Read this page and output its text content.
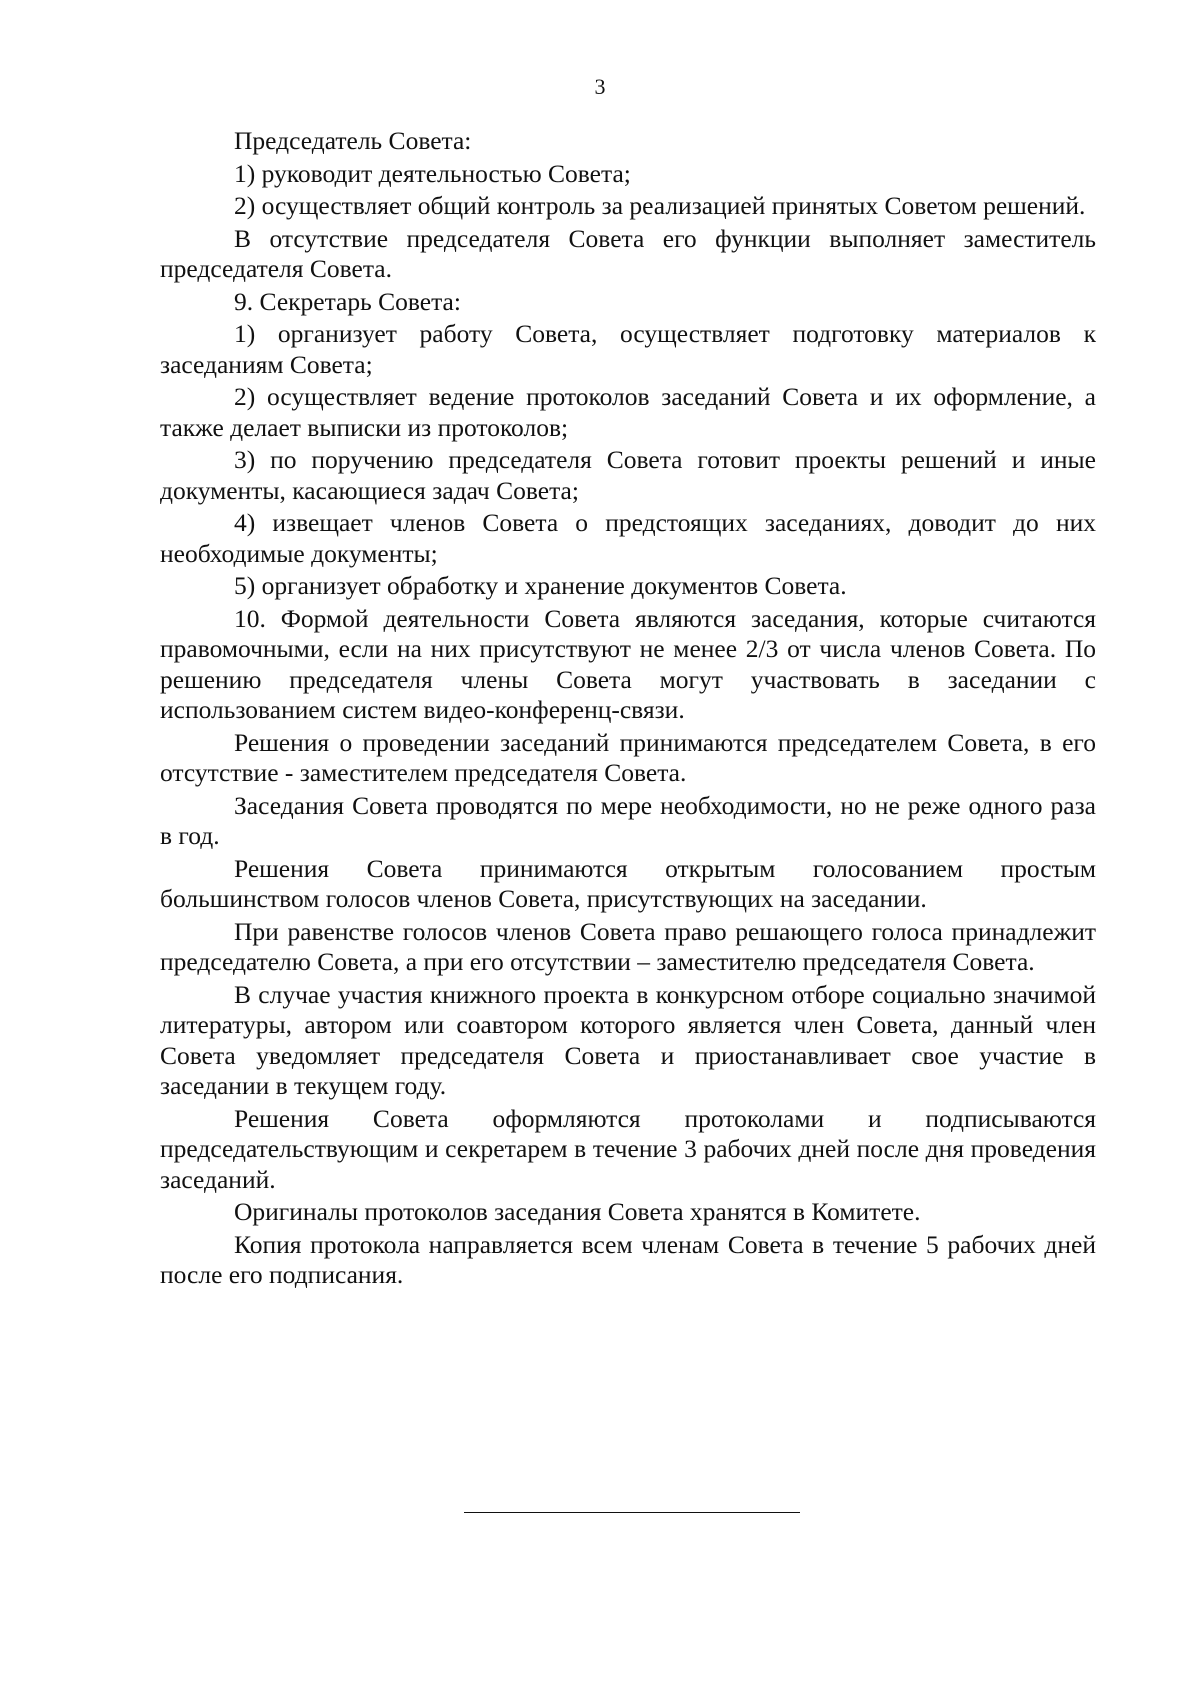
3

Председатель Совета:

1) руководит деятельностью Совета;

2) осуществляет общий контроль за реализацией принятых Советом решений.

В отсутствие председателя Совета его функции выполняет заместитель председателя Совета.

9. Секретарь Совета:

1) организует работу Совета, осуществляет подготовку материалов к заседаниям Совета;

2) осуществляет ведение протоколов заседаний Совета и их оформление, а также делает выписки из протоколов;

3) по поручению председателя Совета готовит проекты решений и иные документы, касающиеся задач Совета;

4) извещает членов Совета о предстоящих заседаниях, доводит до них необходимые документы;

5) организует обработку и хранение документов Совета.

10. Формой деятельности Совета являются заседания, которые считаются правомочными, если на них присутствуют не менее 2/3 от числа членов Совета. По решению председателя члены Совета могут участвовать в заседании с использованием систем видео-конференц-связи.

Решения о проведении заседаний принимаются председателем Совета, в его отсутствие - заместителем председателя Совета.

Заседания Совета проводятся по мере необходимости, но не реже одного раза в год.

Решения Совета принимаются открытым голосованием простым большинством голосов членов Совета, присутствующих на заседании.

При равенстве голосов членов Совета право решающего голоса принадлежит председателю Совета, а при его отсутствии – заместителю председателя Совета.

В случае участия книжного проекта в конкурсном отборе социально значимой литературы, автором или соавтором которого является член Совета, данный член Совета уведомляет председателя Совета и приостанавливает свое участие в заседании в текущем году.

Решения Совета оформляются протоколами и подписываются председательствующим и секретарем в течение 3 рабочих дней после дня проведения заседаний.

Оригиналы протоколов заседания Совета хранятся в Комитете.

Копия протокола направляется всем членам Совета в течение 5 рабочих дней после его подписания.
